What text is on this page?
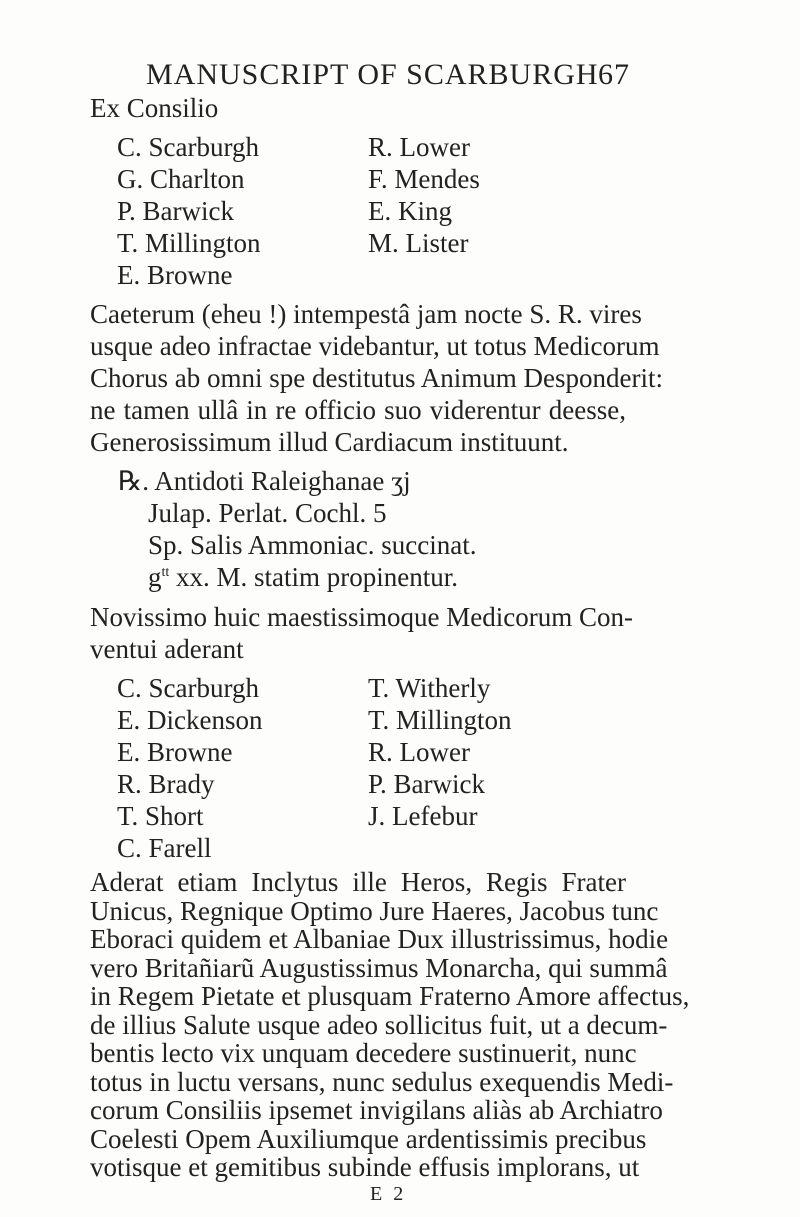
MANUSCRIPT OF SCARBURGH 67
Ex Consilio
C. Scarburgh
G. Charlton
P. Barwick
T. Millington
E. Browne
R. Lower
F. Mendes
E. King
M. Lister
Caeterum (eheu !) intempestâ jam nocte S. R. vires
usque adeo infractae videbantur, ut totus Medicorum
Chorus ab omni spe destitutus Animum Desponderit:
ne tamen ullâ in re officio suo viderentur deesse,
Generosissimum illud Cardiacum instituunt.
℞. Antidoti Raleighanae ʒj
Julap. Perlat. Cochl. 5
Sp. Salis Ammoniac. succinat.
$g^{tt}$ xx. M. statim propinentur.
Novissimo huic maestissimoque Medicorum Con-
ventui aderant
C. Scarburgh
E. Dickenson
E. Browne
R. Brady
T. Short
C. Farell
T. Witherly
T. Millington
R. Lower
P. Barwick
J. Lefebur
Aderat etiam Inclytus ille Heros, Regis Frater
Unicus, Regnique Optimo Jure Haeres, Jacobus tunc
Eboraci quidem et Albaniae Dux illustrissimus, hodie
vero Britañiarũ Augustissimus Monarcha, qui summâ
in Regem Pietate et plusquam Fraterno Amore affectus,
de illius Salute usque adeo sollicitus fuit, ut a decum-
bentis lecto vix unquam decedere sustinuerit, nunc
totus in luctu versans, nunc sedulus exequendis Medi-
corum Consiliis ipsemet invigilans aliàs ab Archiatro
Coelesti Opem Auxiliumque ardentissimis precibus
E 2
votisque et gemitibus subinde effusis implorans, ut
